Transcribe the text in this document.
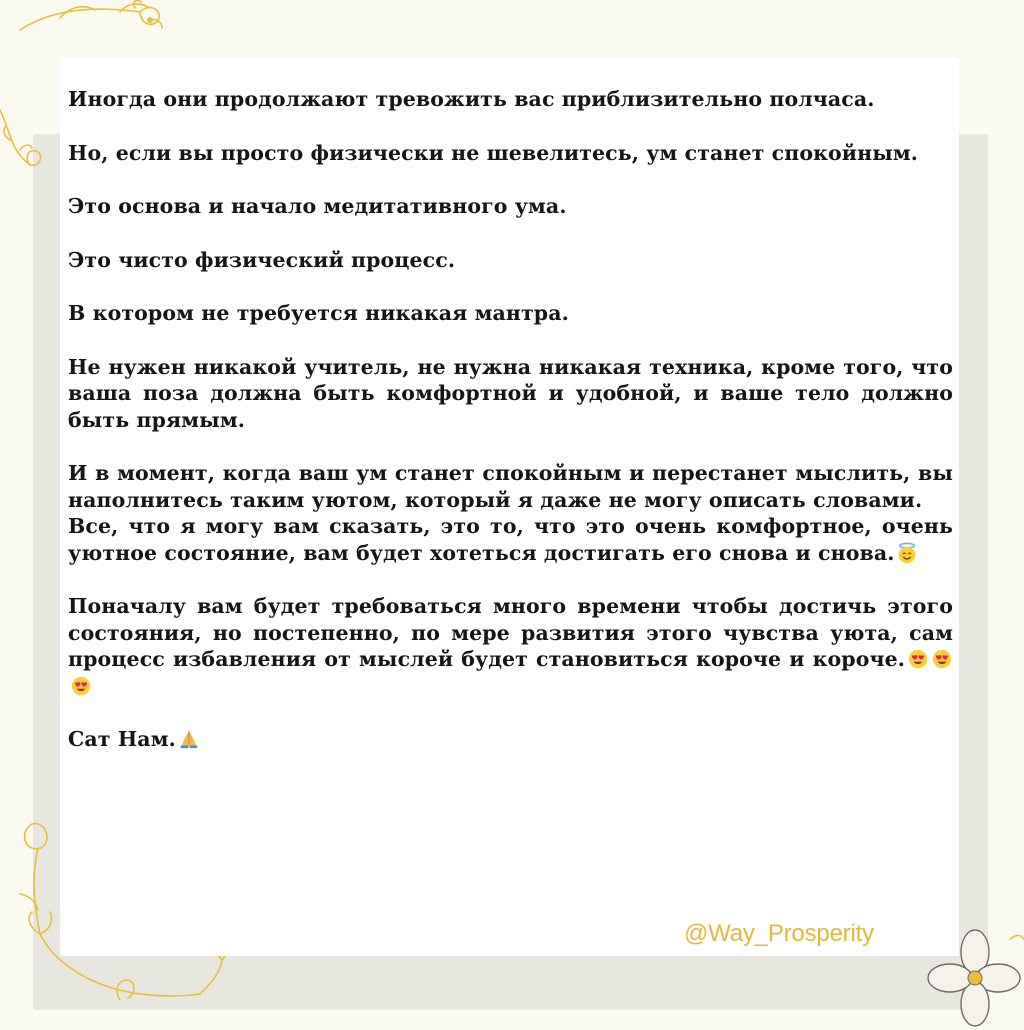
Иногда они продолжают тревожить вас приблизительно полчаса.

Но, если вы просто физически не шевелитесь, ум станет спокойным.

Это основа и начало медитативного ума.

Это чисто физический процесс.

В котором не требуется никакая мантра.

Не нужен никакой учитель, не нужна никакая техника, кроме того, что ваша поза должна быть комфортной и удобной, и ваше тело должно быть прямым.

И в момент, когда ваш ум станет спокойным и перестанет мыслить, вы наполнитесь таким уютом, который я даже не могу описать словами.

Все, что я могу вам сказать, это то, что это очень комфортное, очень уютное состояние, вам будет хотеться достигать его снова и снова.

Поначалу вам будет требоваться много времени чтобы достичь этого состояния, но постепенно, по мере развития этого чувства уюта, сам процесс избавления от мыслей будет становиться короче и короче.

Сат Нам.

@Way_Prosperity
